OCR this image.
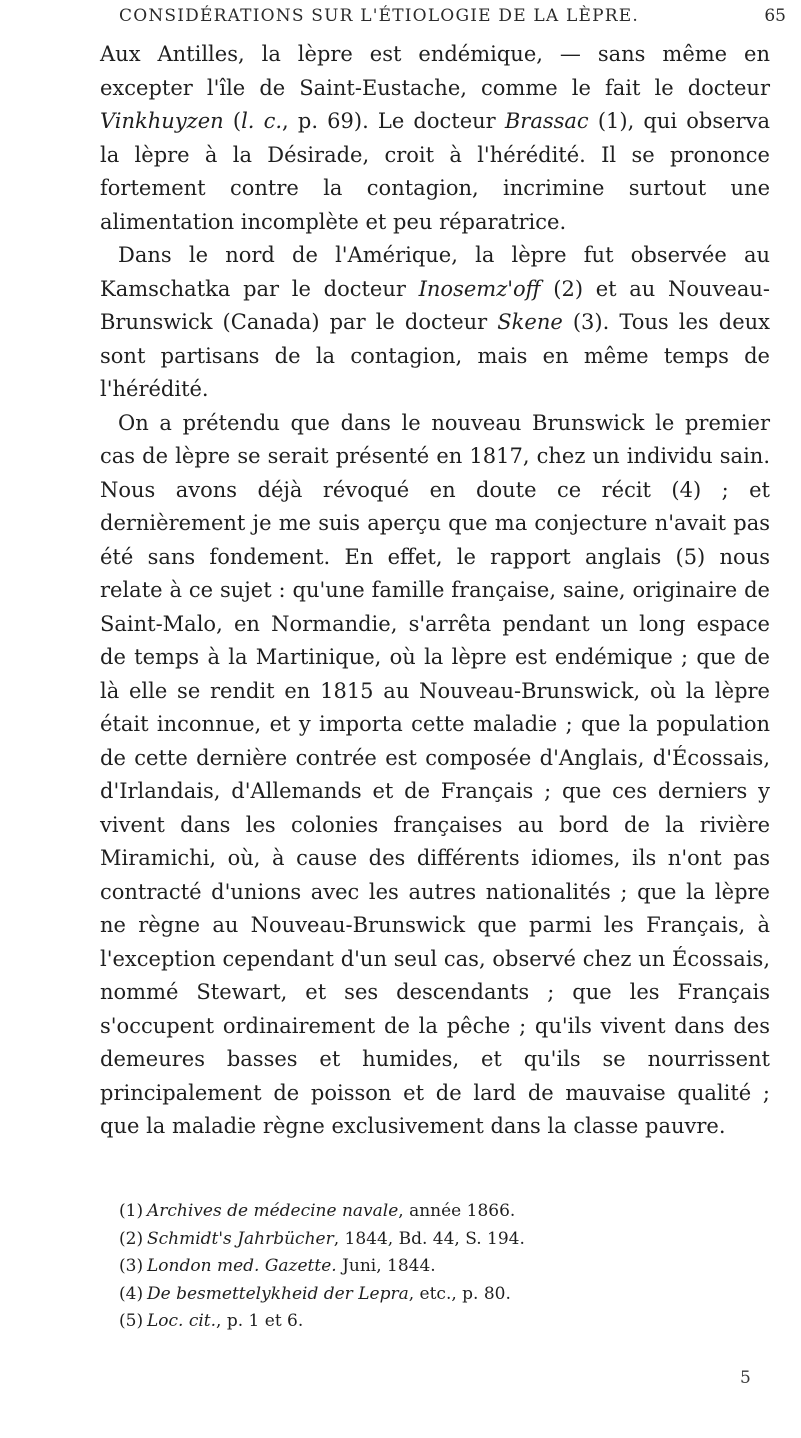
CONSIDÉRATIONS SUR L'ÉTIOLOGIE DE LA LÈPRE.	65

Aux Antilles, la lèpre est endémique, — sans même en excepter l'île de Saint-Eustache, comme le fait le docteur Vinkhuyzen (l. c., p. 69). Le docteur Brassac (1), qui observa la lèpre à la Désirade, croit à l'hérédité. Il se prononce fortement contre la contagion, incrimine surtout une alimentation incomplète et peu réparatrice.

Dans le nord de l'Amérique, la lèpre fut observée au Kamschatka par le docteur Inosemz'off (2) et au Nouveau-Brunswick (Canada) par le docteur Skene (3). Tous les deux sont partisans de la contagion, mais en même temps de l'hérédité.

On a prétendu que dans le nouveau Brunswick le premier cas de lèpre se serait présenté en 1817, chez un individu sain. Nous avons déjà révoqué en doute ce récit (4) ; et dernièrement je me suis aperçu que ma conjecture n'avait pas été sans fondement. En effet, le rapport anglais (5) nous relate à ce sujet : qu'une famille française, saine, originaire de Saint-Malo, en Normandie, s'arrêta pendant un long espace de temps à la Martinique, où la lèpre est endémique ; que de là elle se rendit en 1815 au Nouveau-Brunswick, où la lèpre était inconnue, et y importa cette maladie ; que la population de cette dernière contrée est composée d'Anglais, d'Écossais, d'Irlandais, d'Allemands et de Français ; que ces derniers y vivent dans les colonies françaises au bord de la rivière Miramichi, où, à cause des différents idiomes, ils n'ont pas contracté d'unions avec les autres nationalités ; que la lèpre ne règne au Nouveau-Brunswick que parmi les Français, à l'exception cependant d'un seul cas, observé chez un Écossais, nommé Stewart, et ses descendants ; que les Français s'occupent ordinairement de la pêche ; qu'ils vivent dans des demeures basses et humides, et qu'ils se nourrissent principalement de poisson et de lard de mauvaise qualité ; que la maladie règne exclusivement dans la classe pauvre.

(1) Archives de médecine navale, année 1866.
(2) Schmidt's Jahrbücher, 1844, Bd. 44, S. 194.
(3) London med. Gazette. Juni, 1844.
(4) De besmettelykheid der Lepra, etc., p. 80.
(5) Loc. cit., p. 1 et 6.
5
